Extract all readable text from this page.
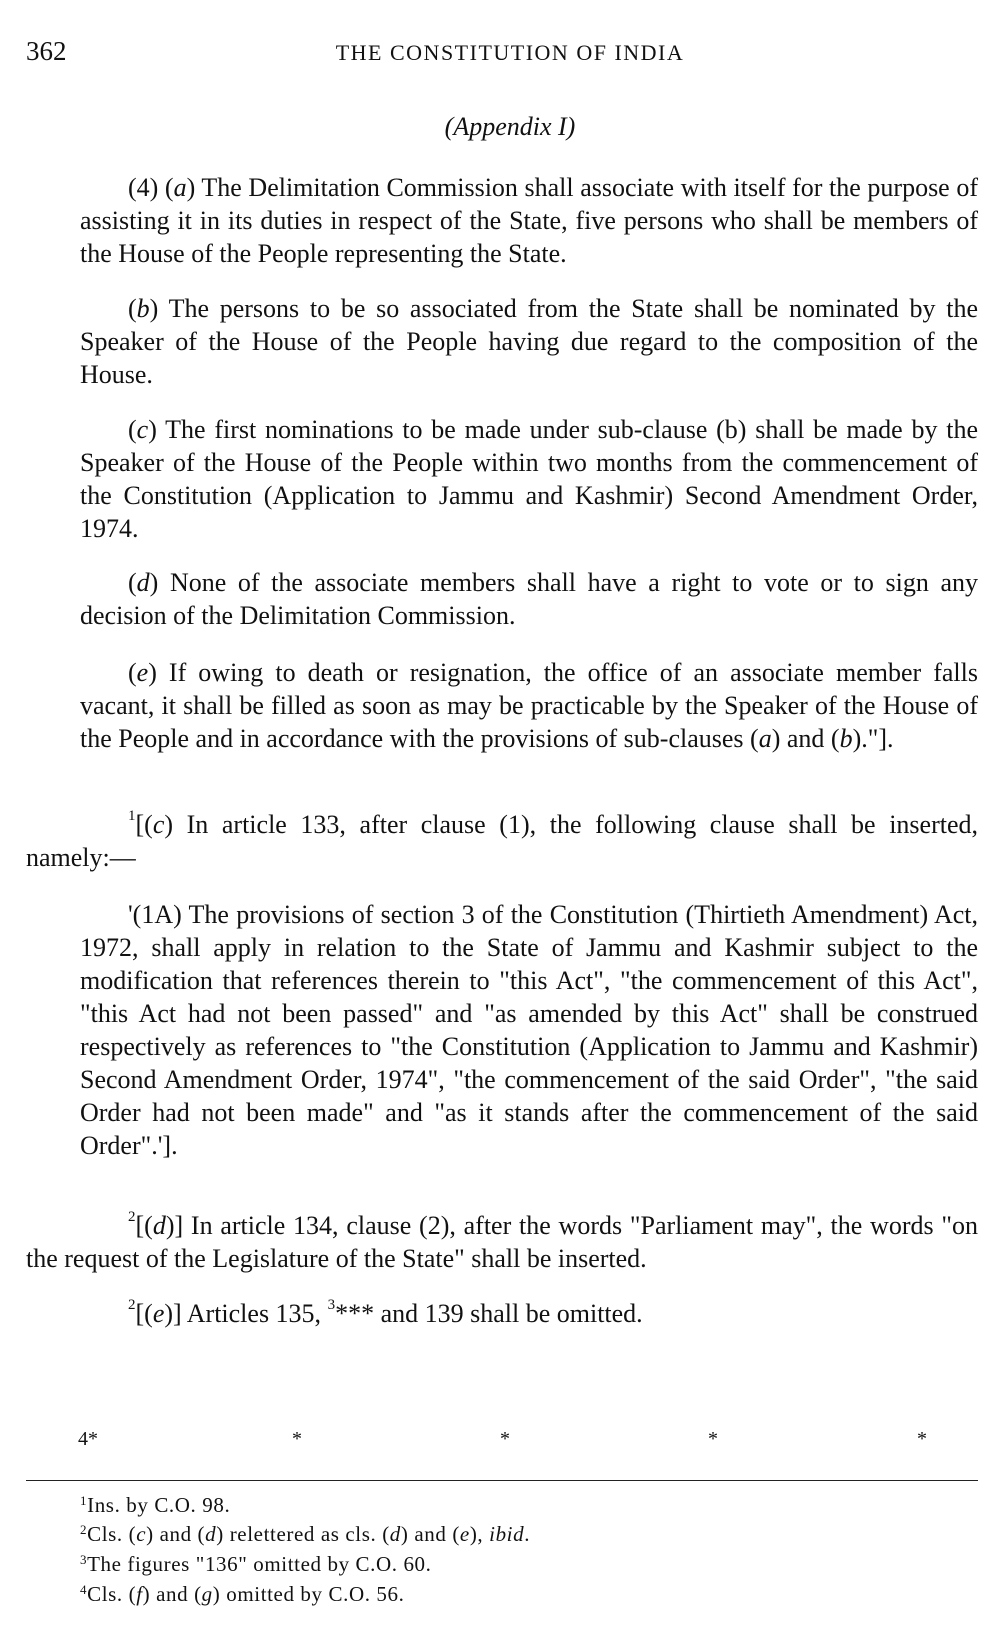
362	THE CONSTITUTION OF INDIA
(Appendix I)

(4) (a) The Delimitation Commission shall associate with itself for the purpose of assisting it in its duties in respect of the State, five persons who shall be members of the House of the People representing the State.

(b) The persons to be so associated from the State shall be nominated by the Speaker of the House of the People having due regard to the composition of the House.

(c) The first nominations to be made under sub-clause (b) shall be made by the Speaker of the House of the People within two months from the commencement of the Constitution (Application to Jammu and Kashmir) Second Amendment Order, 1974.

(d) None of the associate members shall have a right to vote or to sign any decision of the Delimitation Commission.

(e) If owing to death or resignation, the office of an associate member falls vacant, it shall be filled as soon as may be practicable by the Speaker of the House of the People and in accordance with the provisions of sub-clauses (a) and (b)."].

$^1$[(c) In article 133, after clause (1), the following clause shall be inserted, namely:—

'(1A) The provisions of section 3 of the Constitution (Thirtieth Amendment) Act, 1972, shall apply in relation to the State of Jammu and Kashmir subject to the modification that references therein to "this Act", "the commencement of this Act", "this Act had not been passed" and "as amended by this Act" shall be construed respectively as references to "the Constitution (Application to Jammu and Kashmir) Second Amendment Order, 1974", "the commencement of the said Order", "the said Order had not been made" and "as it stands after the commencement of the said Order".'].

$^2$[(d)] In article 134, clause (2), after the words "Parliament may", the words "on the request of the Legislature of the State" shall be inserted.

$^2$[(e)] Articles 135, $^3$*** and 139 shall be omitted.

4*	*	*	*	*
$^1$Ins. by C.O. 98.
$^2$Cls. (c) and (d) relettered as cls. (d) and (e), ibid.
$^3$The figures "136" omitted by C.O. 60.
$^4$Cls. (f) and (g) omitted by C.O. 56.
